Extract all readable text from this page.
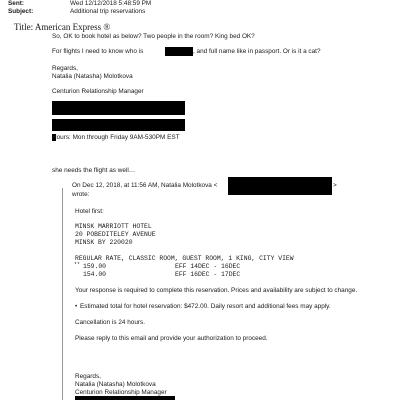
Sent:	Wed 12/12/2018 5:48:59 PM
Subject:	Additional trip reservations
Title: American Express ®
So, OK to book hotel as below? Two people in the room? King bed OK?
For flights I need to know who is	, and full name like in passport. Or is it a cat?
Regards,
Natalia (Natasha) Molotkova
Centurion Relationship Manager
Hours: Mon through Friday 9AM-530PM EST
she needs the flight as well…
On Dec 12, 2018, at 11:56 AM, Natalia Molotkova <	>
wrote:
Hotel first:
MINSK MARRIOTT HOTEL
20 POBEDITELEY AVENUE
MINSK BY 220020
REGULAR RATE, CLASSIC ROOM, GUEST ROOM, 1 KING, CITY VIEW
** 159.00	EFF 14DEC - 16DEC
154.00	EFF 16DEC - 17DEC
Your response is required to complete this reservation. Prices and availability are subject to change.
• Estimated total for hotel reservation: $472.00. Daily resort and additional fees may apply.
Cancellation is 24 hours.
Please reply to this email and provide your authorization to proceed.
Regards,
Natalia (Natasha) Molotkova
Centurion Relationship Manager
